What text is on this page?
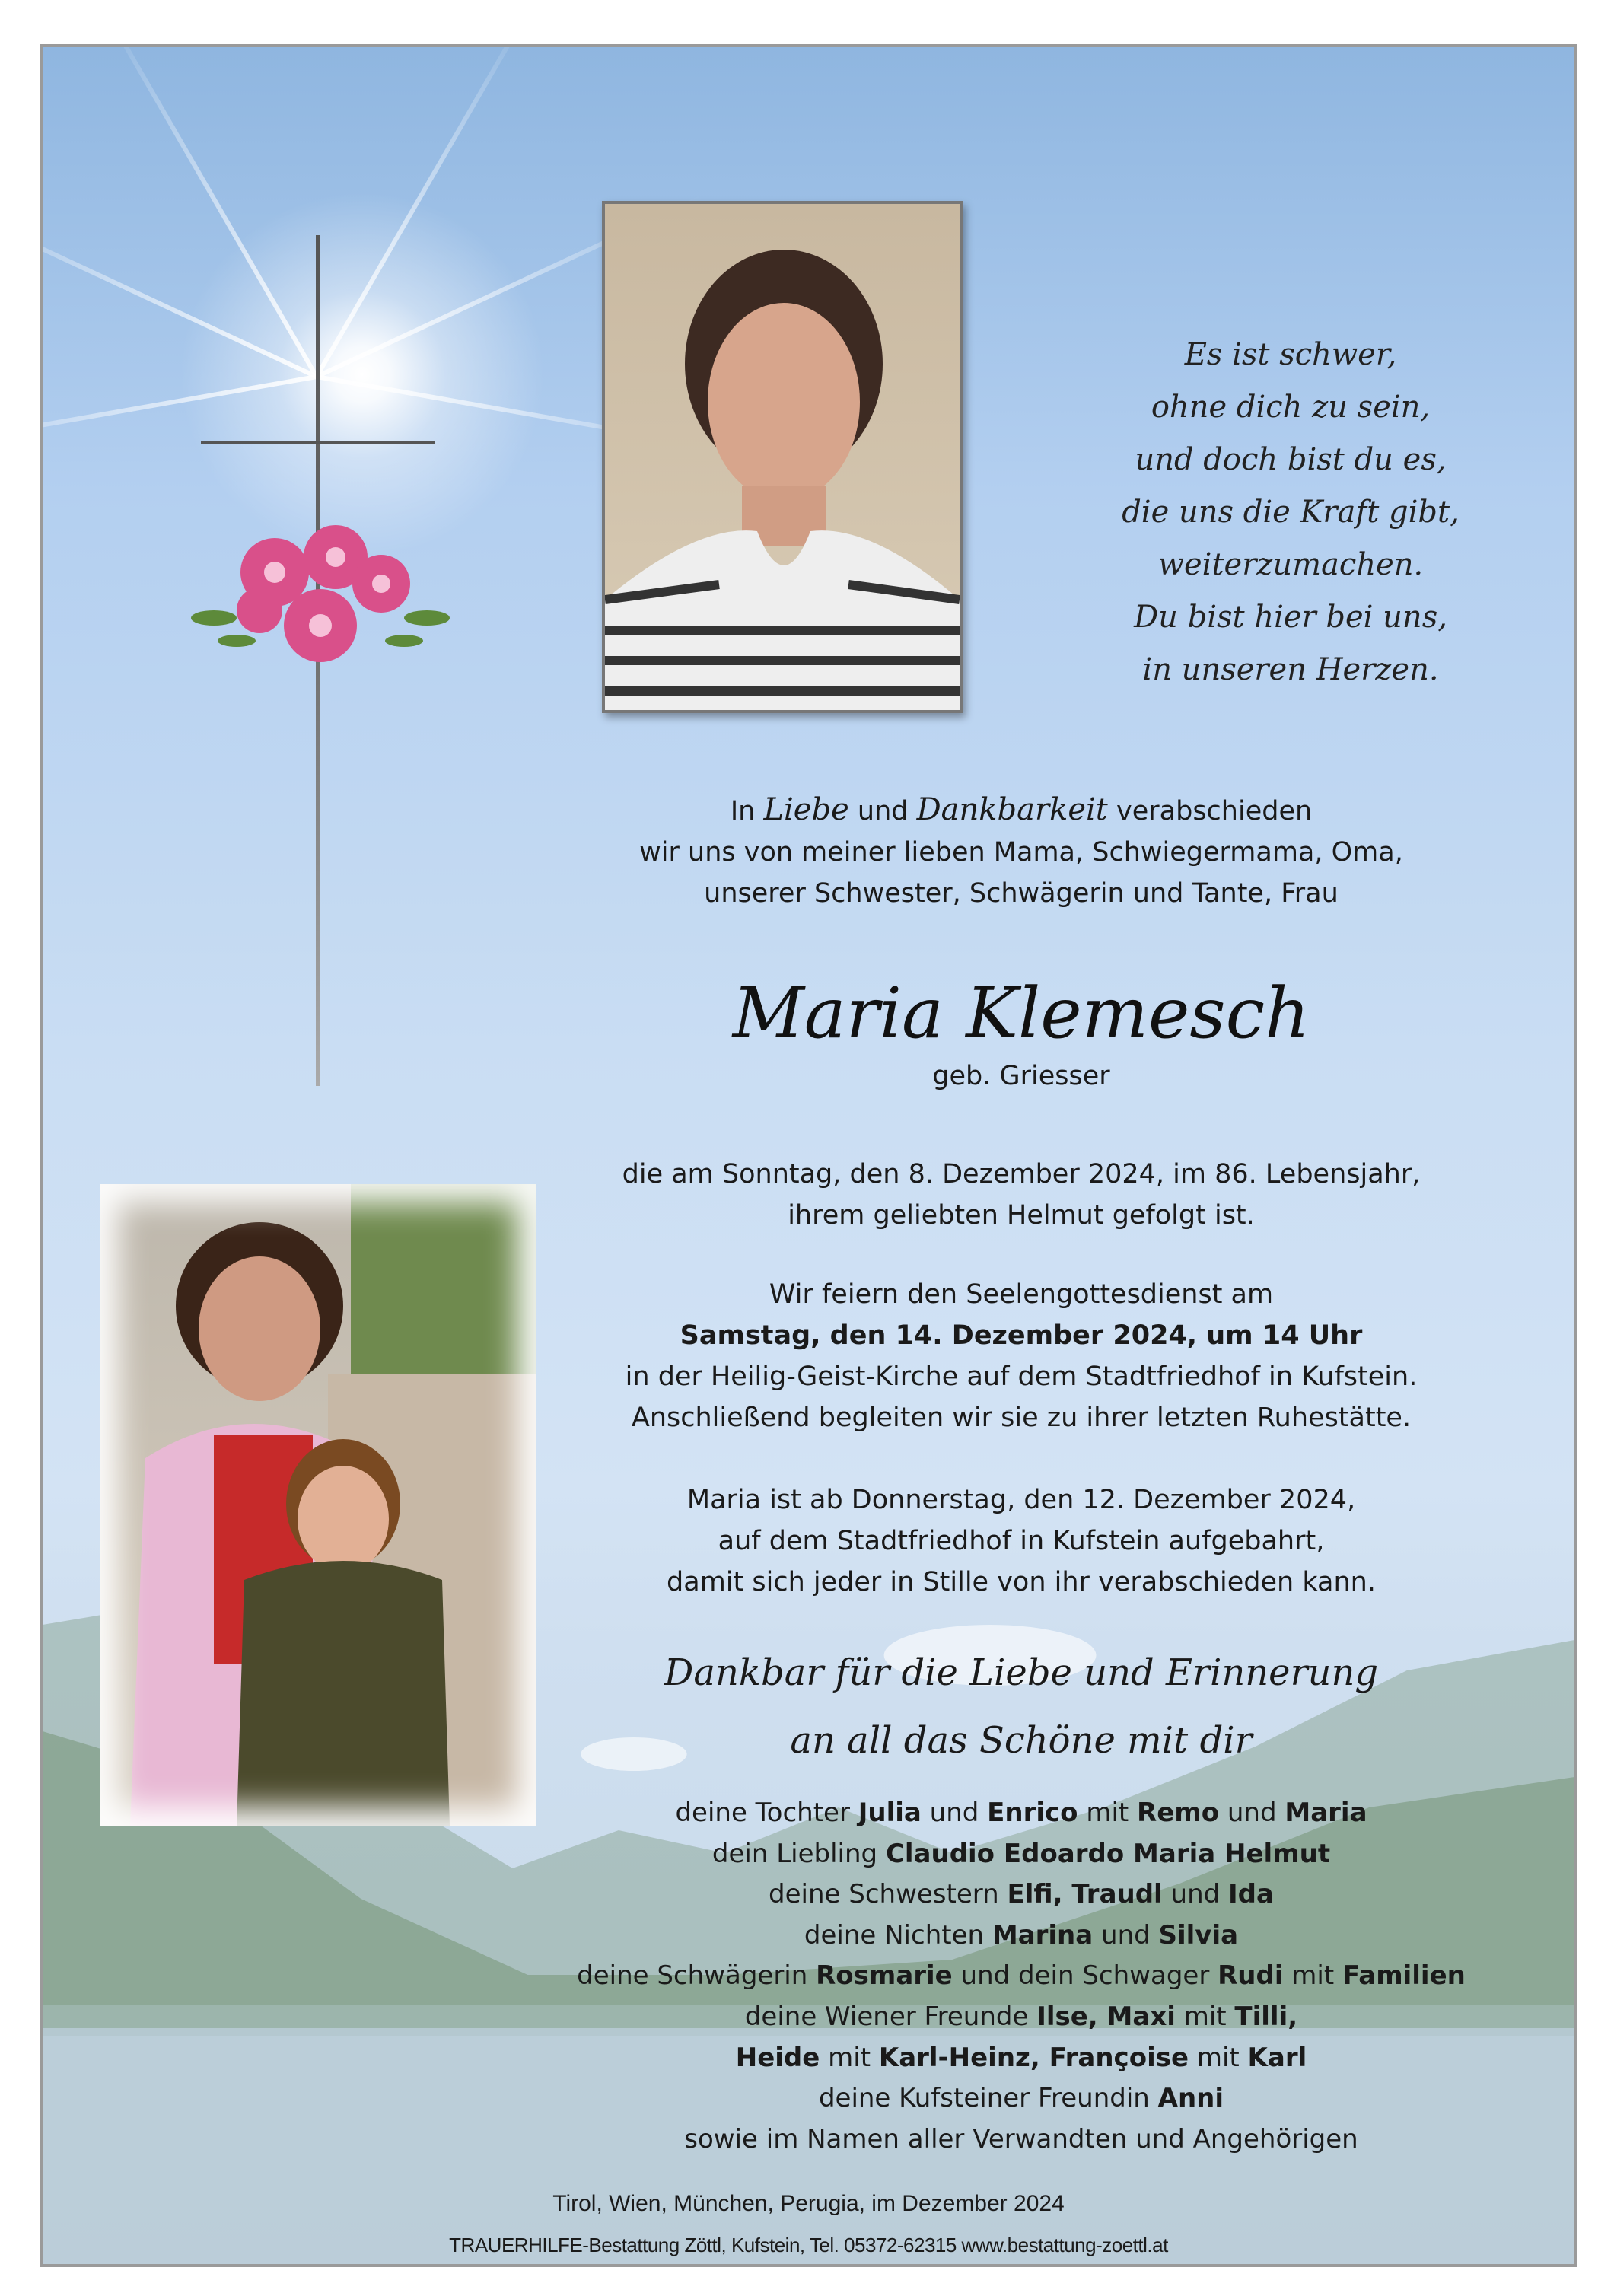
Es ist schwer,
ohne dich zu sein,
und doch bist du es,
die uns die Kraft gibt,
weiterzumachen.
Du bist hier bei uns,
in unseren Herzen.
In Liebe und Dankbarkeit verabschieden
wir uns von meiner lieben Mama, Schwiegermama, Oma,
unserer Schwester, Schwägerin und Tante, Frau
Maria Klemesch
geb. Griesser
die am Sonntag, den 8. Dezember 2024, im 86. Lebensjahr,
ihrem geliebten Helmut gefolgt ist.
Wir feiern den Seelengottesdienst am
Samstag, den 14. Dezember 2024, um 14 Uhr
in der Heilig-Geist-Kirche auf dem Stadtfriedhof in Kufstein.
Anschließend begleiten wir sie zu ihrer letzten Ruhestätte.
Maria ist ab Donnerstag, den 12. Dezember 2024,
auf dem Stadtfriedhof in Kufstein aufgebahrt,
damit sich jeder in Stille von ihr verabschieden kann.
Dankbar für die Liebe und Erinnerung
an all das Schöne mit dir
deine Tochter Julia und Enrico mit Remo und Maria
dein Liebling Claudio Edoardo Maria Helmut
deine Schwestern Elfi, Traudl und Ida
deine Nichten Marina und Silvia
deine Schwägerin Rosmarie und dein Schwager Rudi mit Familien
deine Wiener Freunde Ilse, Maxi mit Tilli,
Heide mit Karl-Heinz, Françoise mit Karl
deine Kufsteiner Freundin Anni
sowie im Namen aller Verwandten und Angehörigen
Tirol, Wien, München, Perugia, im Dezember 2024
TRAUERHILFE-Bestattung Zöttl, Kufstein, Tel. 05372-62315 www.bestattung-zoettl.at
